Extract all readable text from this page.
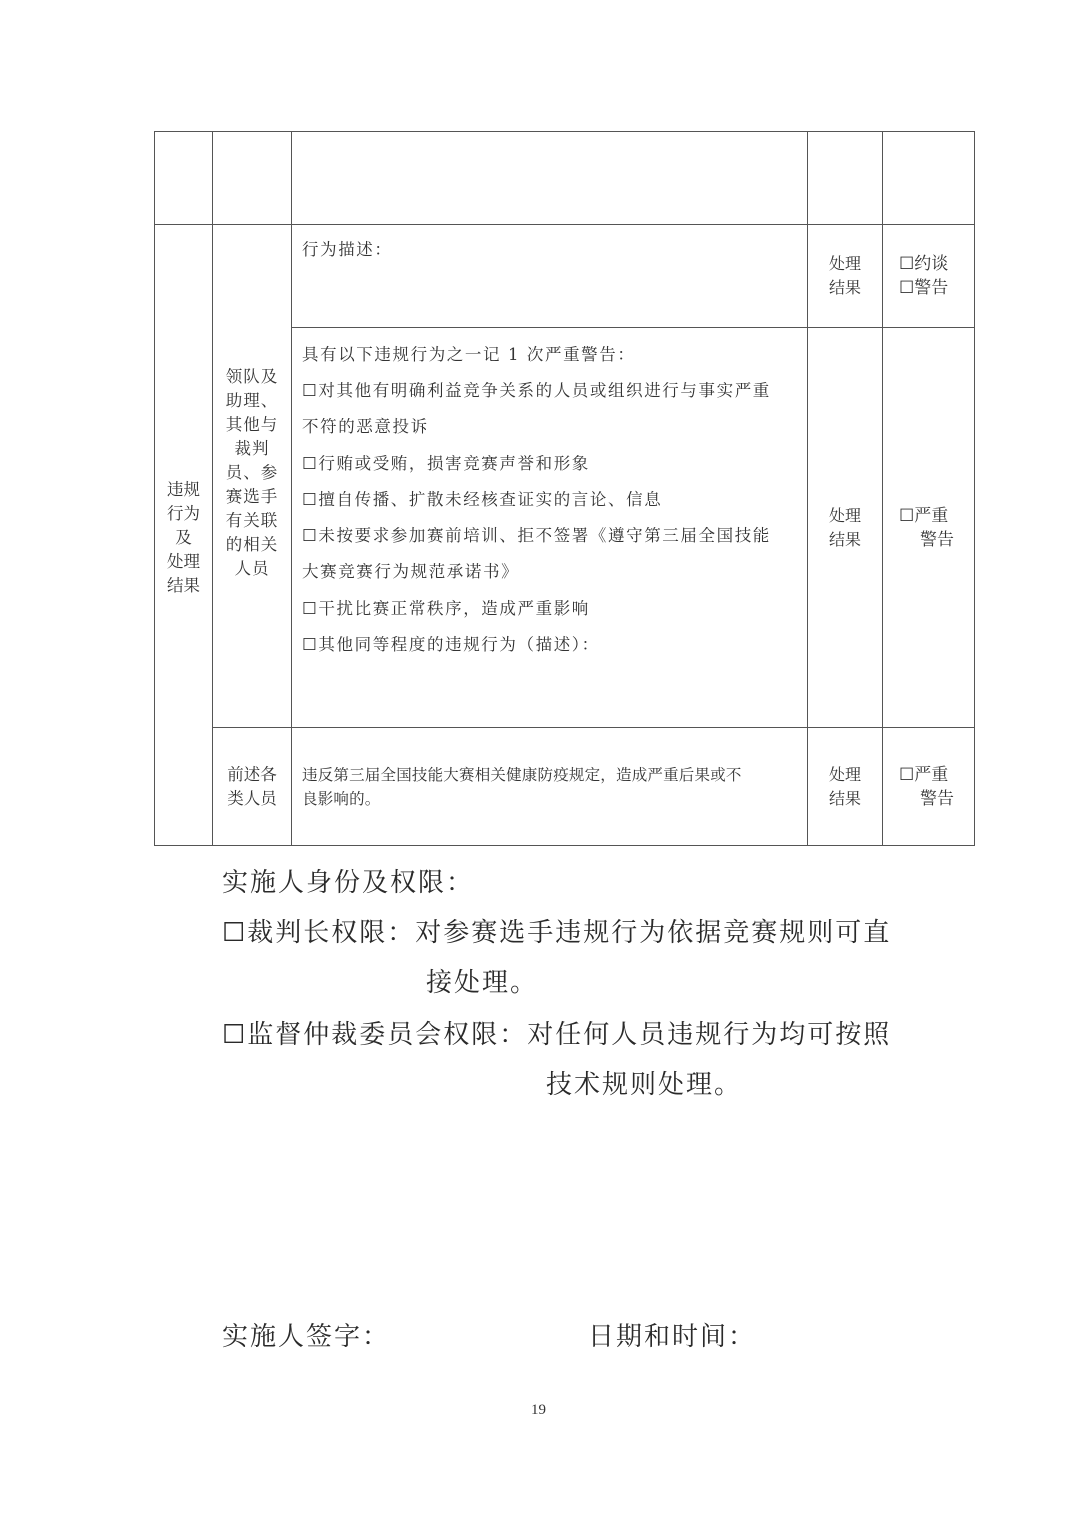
行为描述：
处理
结果
☐约谈
☐警告
违规
行为
及
处理
结果
领队及
助理、
其他与
裁判
员、参
赛选手
有关联
的相关
人员
具有以下违规行为之一记 1 次严重警告：
☐对其他有明确利益竞争关系的人员或组织进行与事实严重
不符的恶意投诉
☐行贿或受贿，损害竞赛声誉和形象
☐擅自传播、扩散未经核查证实的言论、信息
☐未按要求参加赛前培训、拒不签署《遵守第三届全国技能
大赛竞赛行为规范承诺书》
☐干扰比赛正常秩序，造成严重影响
☐其他同等程度的违规行为（描述）：
处理
结果
☐严重
警告
前述各
类人员
违反第三届全国技能大赛相关健康防疫规定，造成严重后果或不
良影响的。
处理
结果
☐严重
警告
实施人身份及权限：
☐裁判长权限：对参赛选手违规行为依据竞赛规则可直
接处理。
☐监督仲裁委员会权限：对任何人员违规行为均可按照
技术规则处理。
实施人签字：	日期和时间：
19
